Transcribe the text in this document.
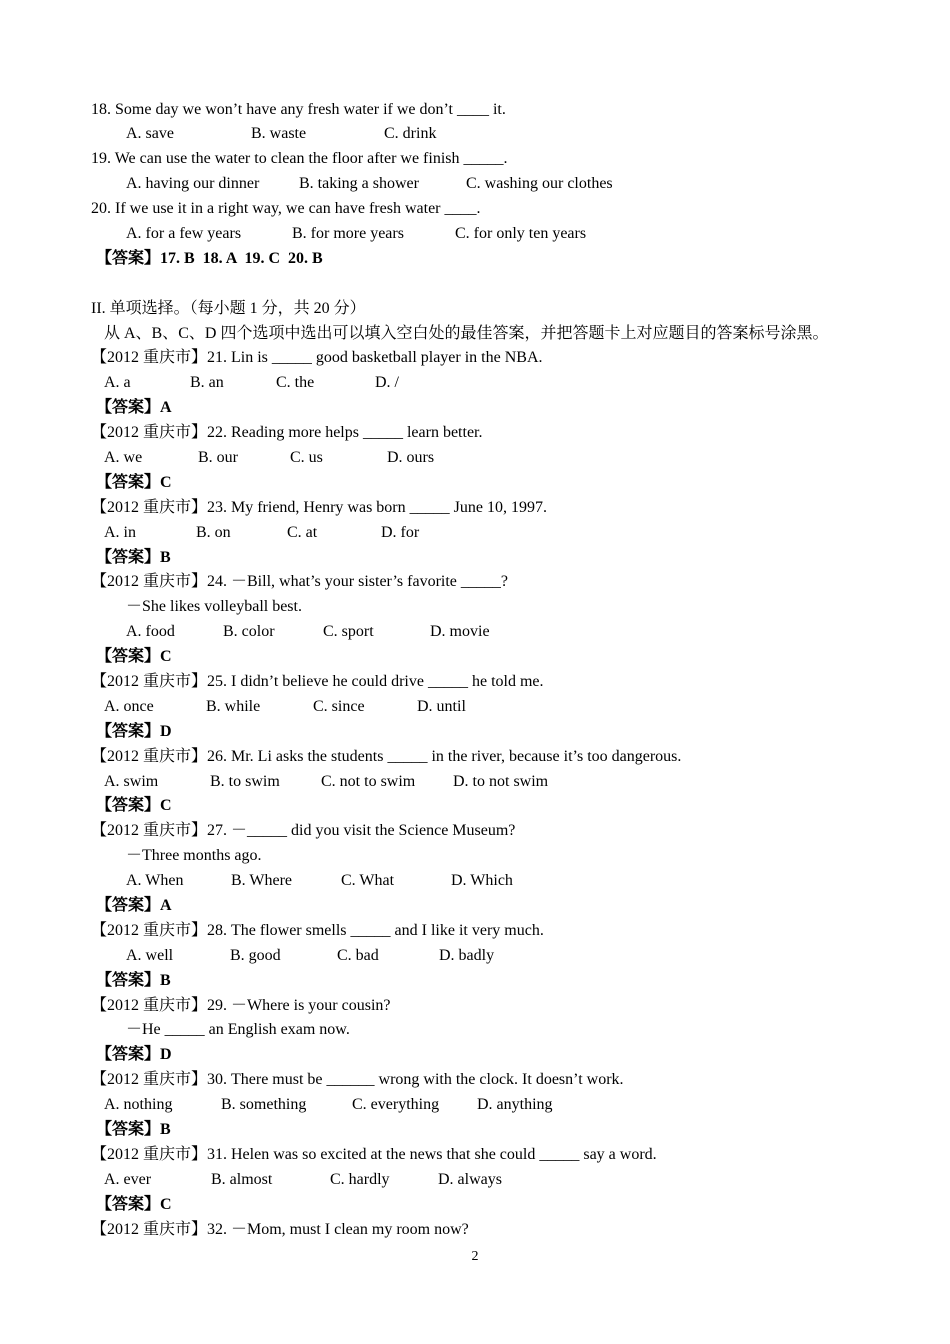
18. Some day we won’t have any fresh water if we don’t ____ it.

A. save

	B. waste

	C. drink

19. We can use the water to clean the floor after we finish _____.

A. having our dinner

B. taking a shower

	C. washing our clothes

20. If we use it in a right way, we can have fresh water ____.

A. for a few years

	B. for more years

	C. for only ten years

【答案】17. B  18. A  19. C  20. B

II. 单项选择。（每小题 1 分，共 20 分）

从 A、B、C、D 四个选项中选出可以填入空白处的最佳答案，并把答题卡上对应题目的答案标号涂黑。

【2012 重庆市】21. Lin is _____ good basketball player in the NBA.

A. a

	B. an

	C. the

	D. /

【答案】A

【2012 重庆市】22. Reading more helps _____ learn better.

A. we

	B. our

	C. us

	D. ours

【答案】C

【2012 重庆市】23. My friend, Henry was born _____ June 10, 1997.

A. in

	B. on

	C. at

	D. for

【答案】B

【2012 重庆市】24. －Bill, what’s your sister’s favorite _____?

－She likes volleyball best.

A. food

	B. color

	C. sport

	D. movie

【答案】C

【2012 重庆市】25. I didn’t believe he could drive _____ he told me.

A. once

	B. while

	C. since

	D. until

【答案】D

【2012 重庆市】26. Mr. Li asks the students _____ in the river, because it’s too dangerous.

A. swim

	B. to swim

	C. not to swim

D. to not swim

【答案】C

【2012 重庆市】27. －_____ did you visit the Science Museum?

－Three months ago.

A. When

	B. Where

	C. What

	D. Which

【答案】A

【2012 重庆市】28. The flower smells _____ and I like it very much.

A. well

	B. good

	C. bad

	D. badly

【答案】B

【2012 重庆市】29. －Where is your cousin?

－He _____ an English exam now.

【答案】D

【2012 重庆市】30. There must be ______ wrong with the clock. It doesn’t work.

A. nothing

	B. something

	C. everything

D. anything

【答案】B

【2012 重庆市】31. Helen was so excited at the news that she could _____ say a word.

A. ever

	B. almost

	C. hardly

	D. always

【答案】C

【2012 重庆市】32. －Mom, must I clean my room now?

2
